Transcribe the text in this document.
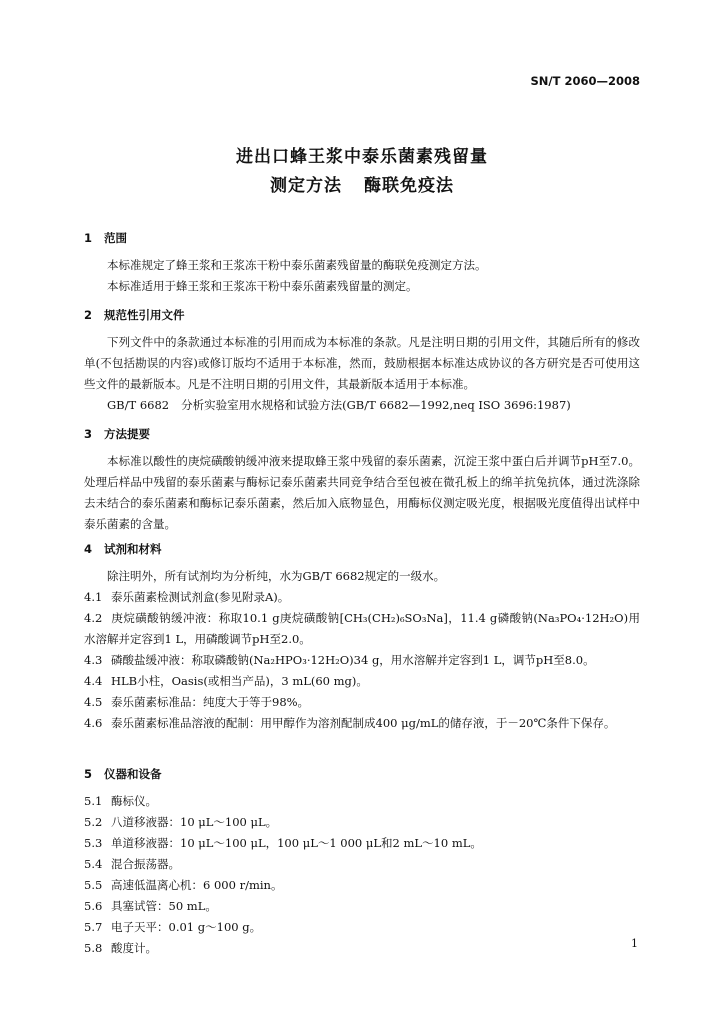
SN/T 2060—2008
进出口蜂王浆中泰乐菌素残留量
测定方法 酶联免疫法
1 范围
本标准规定了蜂王浆和王浆冻干粉中泰乐菌素残留量的酶联免疫测定方法。
本标准适用于蜂王浆和王浆冻干粉中泰乐菌素残留量的测定。
2 规范性引用文件
下列文件中的条款通过本标准的引用而成为本标准的条款。凡是注明日期的引用文件，其随后所有的修改单(不包括勘误的内容)或修订版均不适用于本标准，然而，鼓励根据本标准达成协议的各方研究是否可使用这些文件的最新版本。凡是不注明日期的引用文件，其最新版本适用于本标准。
GB/T 6682 分析实验室用水规格和试验方法(GB/T 6682—1992,neq ISO 3696:1987)
3 方法提要
本标准以酸性的庚烷磺酸钠缓冲液来提取蜂王浆中残留的泰乐菌素，沉淀王浆中蛋白后并调节pH至7.0。处理后样品中残留的泰乐菌素与酶标记泰乐菌素共同竞争结合至包被在微孔板上的绵羊抗兔抗体，通过洗涤除去未结合的泰乐菌素和酶标记泰乐菌素，然后加入底物显色，用酶标仪测定吸光度，根据吸光度值得出试样中泰乐菌素的含量。
4 试剂和材料
除注明外，所有试剂均为分析纯，水为GB/T 6682规定的一级水。
4.1 泰乐菌素检测试剂盒(参见附录A)。
4.2 庚烷磺酸钠缓冲液：称取10.1 g庚烷磺酸钠[CH₃(CH₂)₆SO₃Na]，11.4 g磷酸钠(Na₃PO₄·12H₂O)用水溶解并定容到1 L，用磷酸调节pH至2.0。
4.3 磷酸盐缓冲液：称取磷酸钠(Na₂HPO₃·12H₂O)34 g，用水溶解并定容到1 L，调节pH至8.0。
4.4 HLB小柱，Oasis(或相当产品)，3 mL(60 mg)。
4.5 泰乐菌素标准品：纯度大于等于98%。
4.6 泰乐菌素标准品溶液的配制：用甲醇作为溶剂配制成400 μg/mL的储存液，于－20℃条件下保存。
5 仪器和设备
5.1 酶标仪。
5.2 八道移液器：10 μL～100 μL。
5.3 单道移液器：10 μL～100 μL，100 μL～1 000 μL和2 mL～10 mL。
5.4 混合振荡器。
5.5 高速低温离心机：6 000 r/min。
5.6 具塞试管：50 mL。
5.7 电子天平：0.01 g～100 g。
5.8 酸度计。	1
